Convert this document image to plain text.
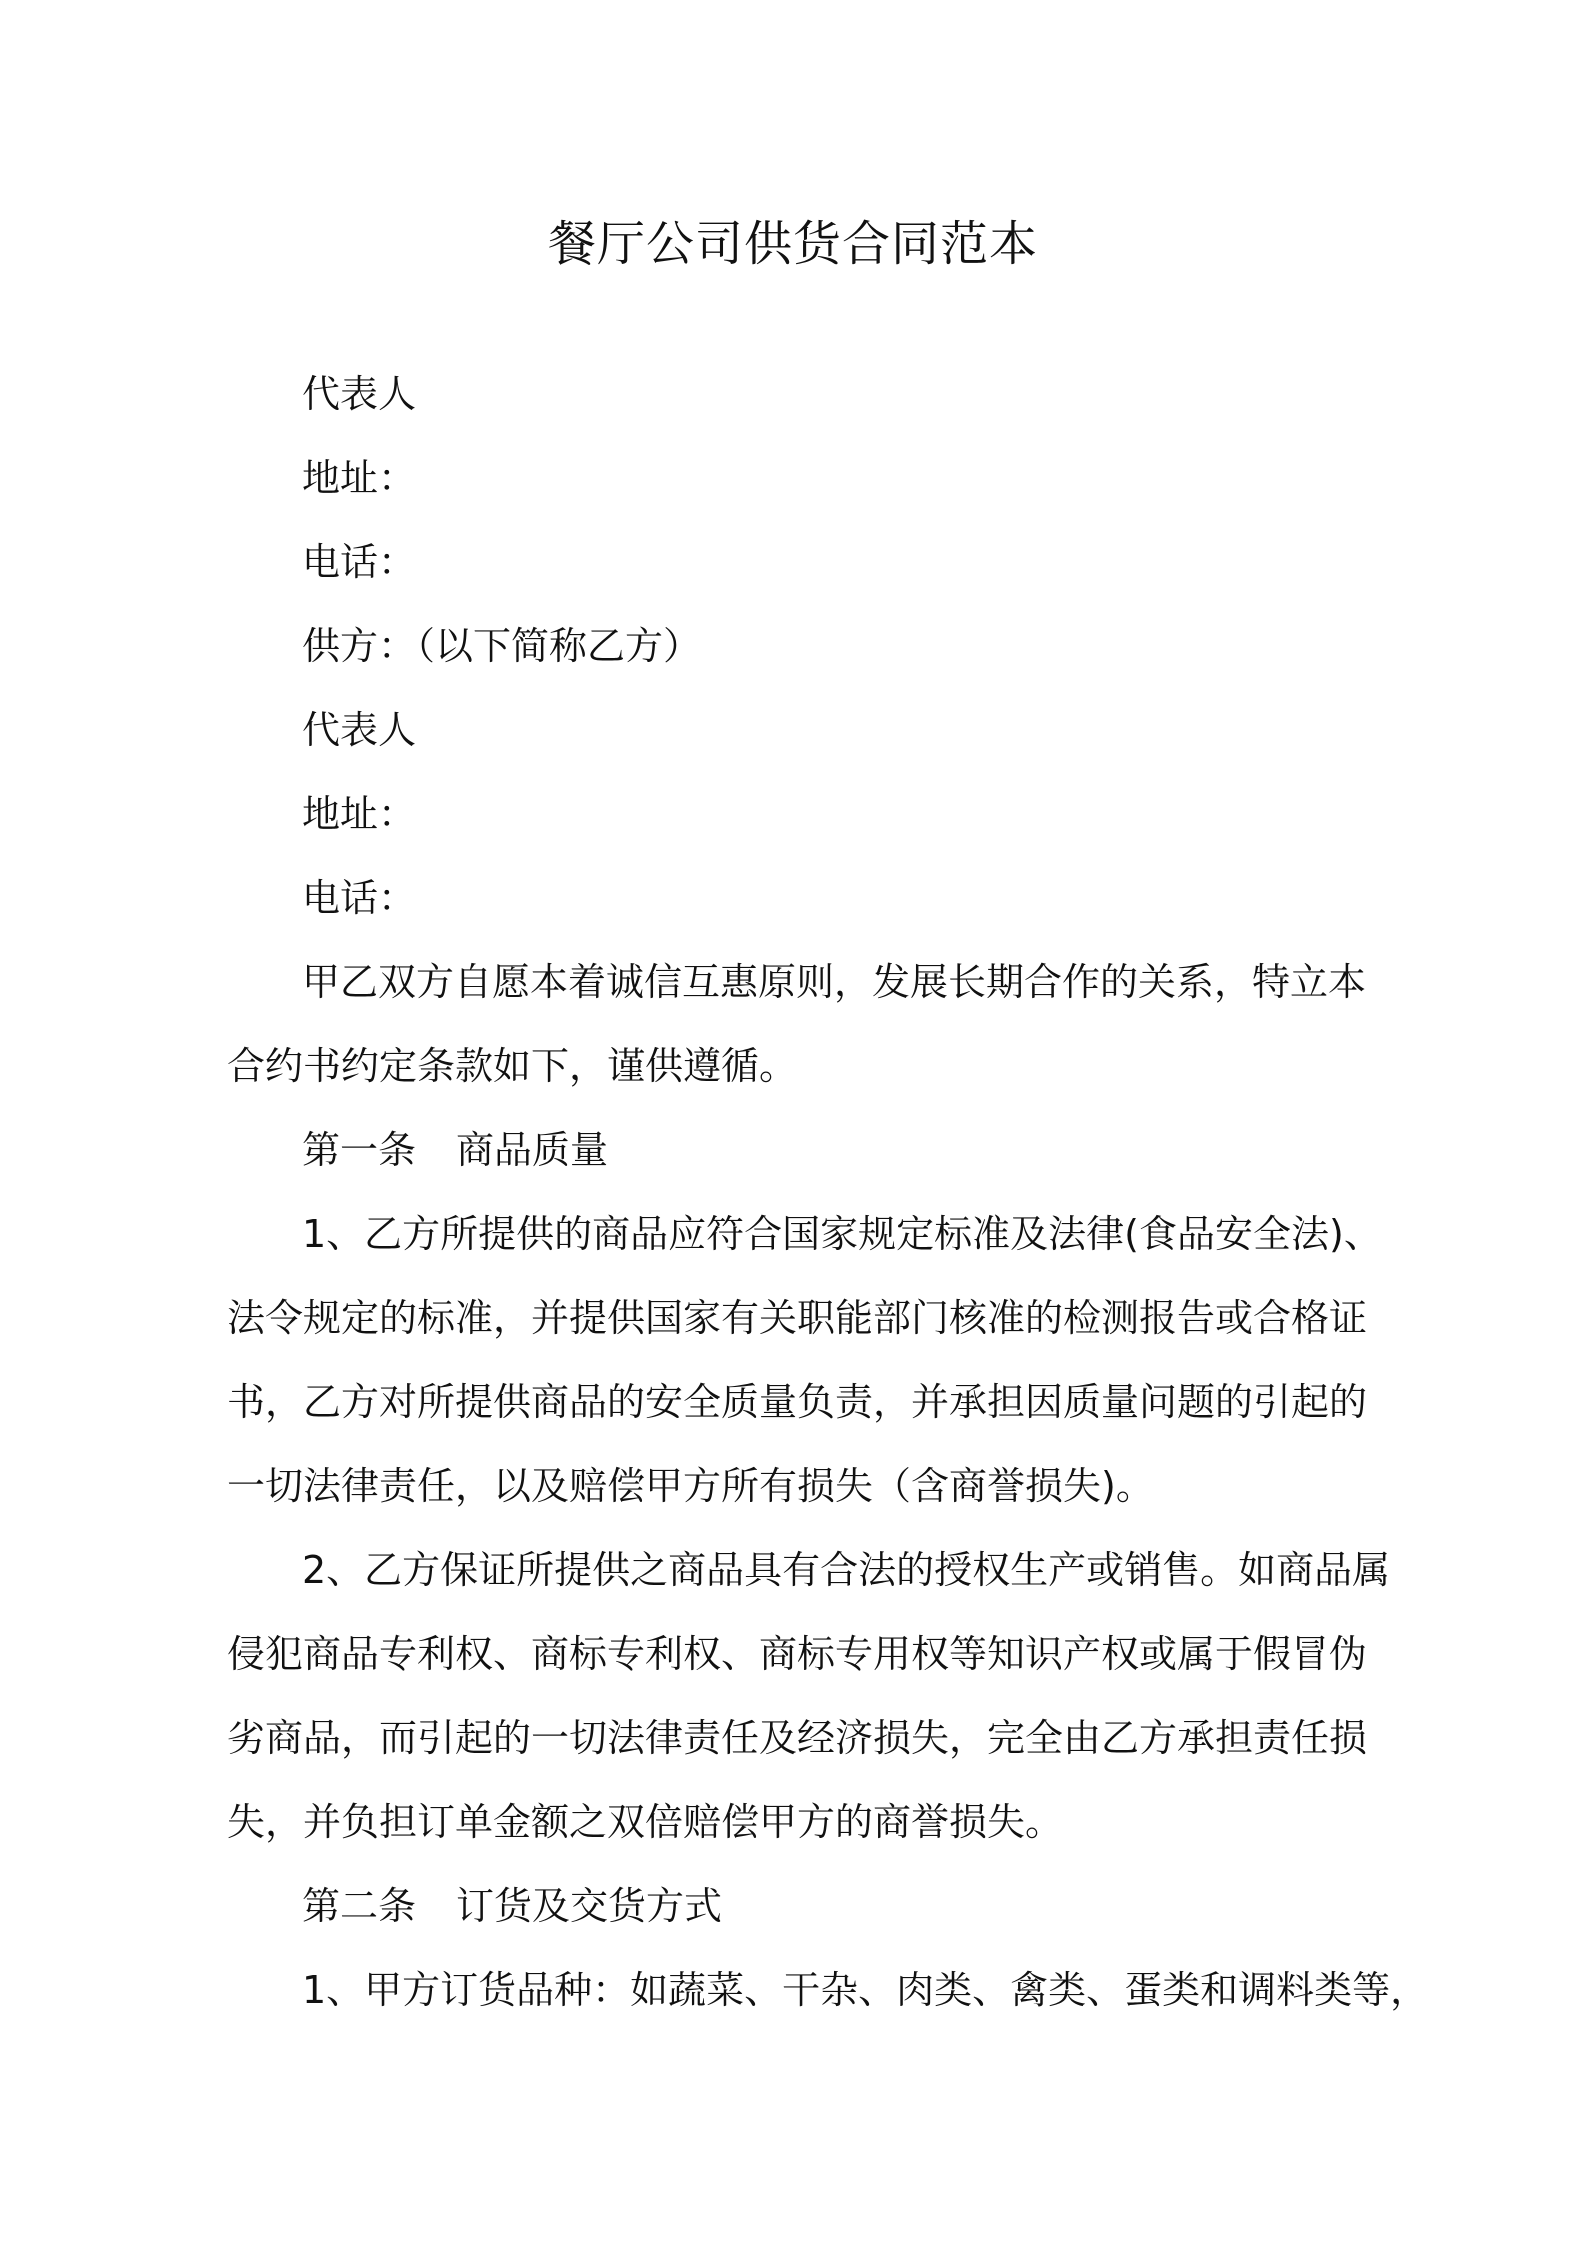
餐厅公司供货合同范本
代表人
地址：
电话：
供方：（以下简称乙方）
代表人
地址：
电话：
甲乙双方自愿本着诚信互惠原则，发展长期合作的关系，特立本
合约书约定条款如下，谨供遵循。
第一条 商品质量
1、乙方所提供的商品应符合国家规定标准及法律(食品安全法)、
法令规定的标准，并提供国家有关职能部门核准的检测报告或合格证
书，乙方对所提供商品的安全质量负责，并承担因质量问题的引起的
一切法律责任，以及赔偿甲方所有损失（含商誉损失)。
2、乙方保证所提供之商品具有合法的授权生产或销售。如商品属
侵犯商品专利权、商标专利权、商标专用权等知识产权或属于假冒伪
劣商品，而引起的一切法律责任及经济损失，完全由乙方承担责任损
失，并负担订单金额之双倍赔偿甲方的商誉损失。
第二条 订货及交货方式
1、甲方订货品种：如蔬菜、干杂、肉类、禽类、蛋类和调料类等，
